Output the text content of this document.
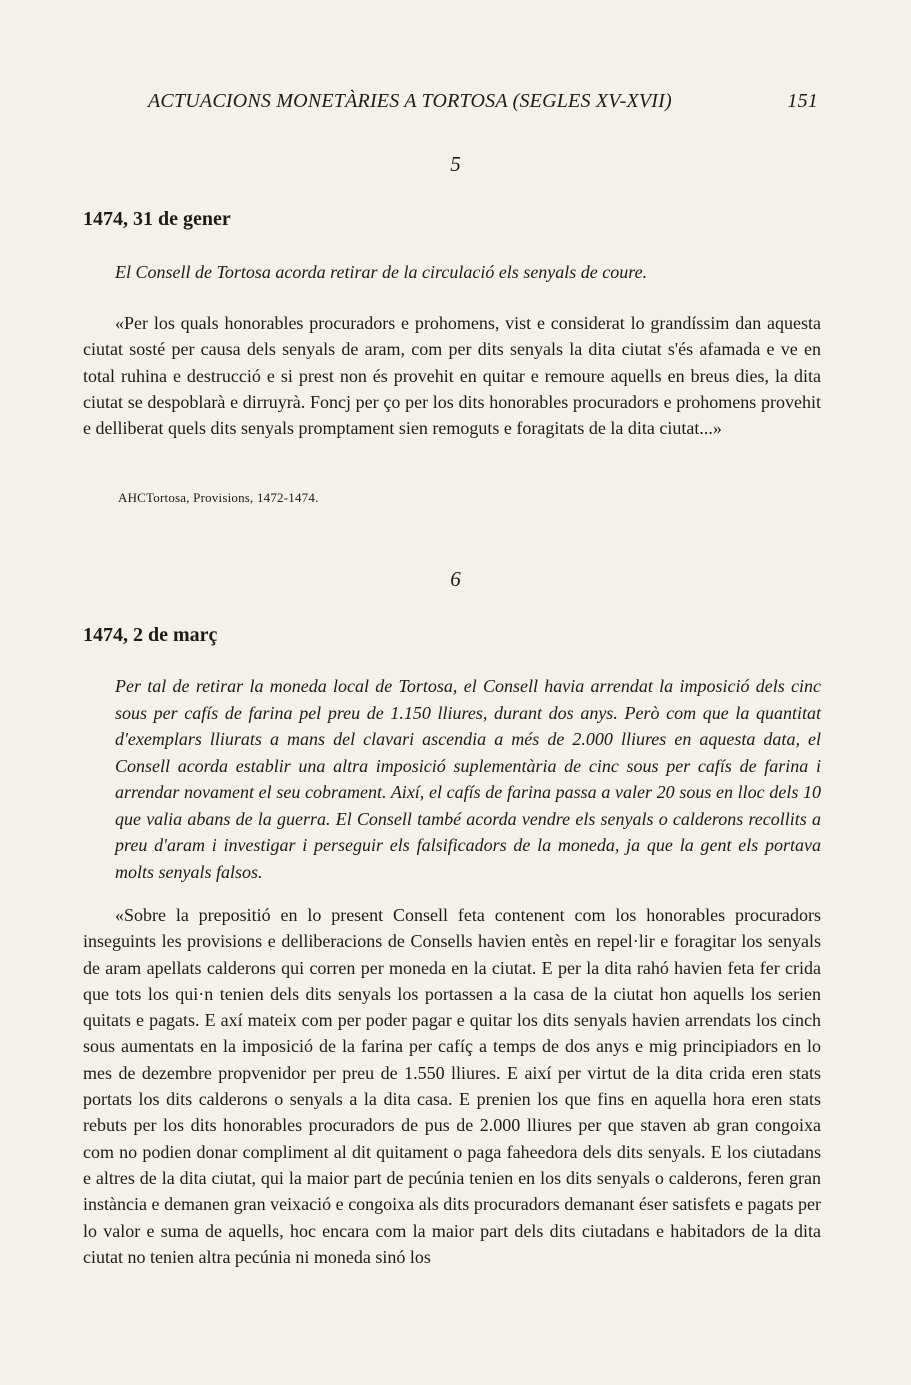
ACTUACIONS MONETÀRIES A TORTOSA (SEGLES XV-XVII)	151
5
1474, 31 de gener
El Consell de Tortosa acorda retirar de la circulació els senyals de coure.
«Per los quals honorables procuradors e prohomens, vist e considerat lo grandíssim dan aquesta ciutat sosté per causa dels senyals de aram, com per dits senyals la dita ciutat s'és afamada e ve en total ruhina e destrucció e si prest non és provehit en quitar e remoure aquells en breus dies, la dita ciutat se despoblarà e dirruyrà. Foncj per ço per los dits honorables procuradors e prohomens provehit e delliberat quels dits senyals promptament sien remoguts e foragitats de la dita ciutat...»
AHCTortosa, Provisions, 1472-1474.
6
1474, 2 de març
Per tal de retirar la moneda local de Tortosa, el Consell havia arrendat la imposició dels cinc sous per cafís de farina pel preu de 1.150 lliures, durant dos anys. Però com que la quantitat d'exemplars lliurats a mans del clavari ascendia a més de 2.000 lliures en aquesta data, el Consell acorda establir una altra imposició suplementària de cinc sous per cafís de farina i arrendar novament el seu cobrament. Així, el cafís de farina passa a valer 20 sous en lloc dels 10 que valia abans de la guerra. El Consell també acorda vendre els senyals o calderons recollits a preu d'aram i investigar i perseguir els falsificadors de la moneda, ja que la gent els portava molts senyals falsos.
«Sobre la prepositió en lo present Consell feta contenent com los honorables procuradors inseguints les provisions e delliberacions de Consells havien entès en repel·lir e foragitar los senyals de aram apellats calderons qui corren per moneda en la ciutat. E per la dita rahó havien feta fer crida que tots los qui·n tenien dels dits senyals los portassen a la casa de la ciutat hon aquells los serien quitats e pagats. E axí mateix com per poder pagar e quitar los dits senyals havien arrendats los cinch sous aumentats en la imposició de la farina per cafíç a temps de dos anys e mig principiadors en lo mes de dezembre propvenidor per preu de 1.550 lliures. E així per virtut de la dita crida eren stats portats los dits calderons o senyals a la dita casa. E prenien los que fins en aquella hora eren stats rebuts per los dits honorables procuradors de pus de 2.000 lliures per que staven ab gran congoixa com no podien donar compliment al dit quitament o paga faheedora dels dits senyals. E los ciutadans e altres de la dita ciutat, qui la maior part de pecúnia tenien en los dits senyals o calderons, feren gran instància e demanen gran veixació e congoixa als dits procuradors demanant éser satisfets e pagats per lo valor e suma de aquells, hoc encara com la maior part dels dits ciutadans e habitadors de la dita ciutat no tenien altra pecúnia ni moneda sinó los
